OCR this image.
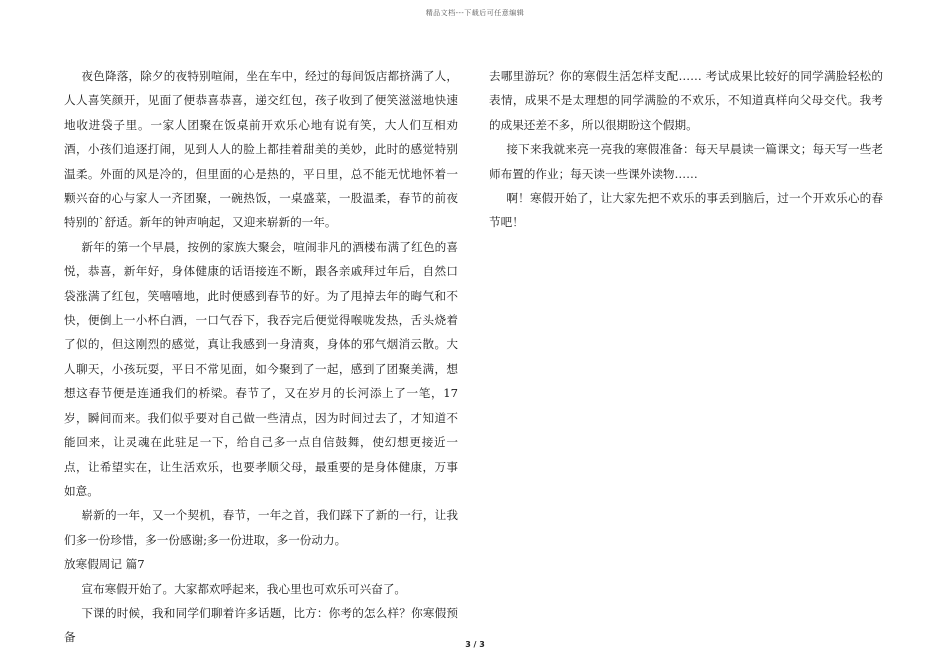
精品文档---下载后可任意编辑

夜色降落，除夕的夜特别喧闹，坐在车中，经过的每间饭店都挤满了人，人人喜笑颜开，见面了便恭喜恭喜，递交红包，孩子收到了便笑滋滋地快速地收进袋子里。一家人团聚在饭桌前开欢乐心地有说有笑，大人们互相劝酒，小孩们追逐打闹，见到人人的脸上都挂着甜美的美妙，此时的感觉特别温柔。外面的风是冷的，但里面的心是热的，平日里，总不能无忧地怀着一颗兴奋的心与家人一齐团聚，一碗热饭，一桌盛菜，一股温柔，春节的前夜特别的`舒适。新年的钟声响起，又迎来崭新的一年。

新年的第一个早晨，按例的家族大聚会，喧闹非凡的酒楼布满了红色的喜悦，恭喜，新年好，身体健康的话语接连不断，跟各亲戚拜过年后，自然口袋涨满了红包，笑嘻嘻地，此时便感到春节的好。为了甩掉去年的晦气和不快，便倒上一小杯白酒，一口气吞下，我吞完后便觉得喉咙发热，舌头烧着了似的，但这刚烈的感觉，真让我感到一身清爽，身体的邪气烟消云散。大人聊天，小孩玩耍，平日不常见面，如今聚到了一起，感到了团聚美满，想想这春节便是连通我们的桥梁。春节了，又在岁月的长河添上了一笔，17岁，瞬间而来。我们似乎要对自己做一些清点，因为时间过去了，才知道不能回来，让灵魂在此驻足一下，给自己多一点自信鼓舞，使幻想更接近一点，让希望实在，让生活欢乐，也要孝顺父母，最重要的是身体健康，万事如意。

崭新的一年，又一个契机，春节，一年之首，我们踩下了新的一行，让我们多一份珍惜，多一份感谢;多一份进取，多一份动力。

放寒假周记 篇7

宣布寒假开始了。大家都欢呼起来，我心里也可欢乐可兴奋了。

下课的时候，我和同学们聊着许多话题，比方：你考的怎么样？你寒假预备

去哪里游玩？你的寒假生活怎样支配…… 考试成果比较好的同学满脸轻松的表情，成果不是太理想的同学满脸的不欢乐，不知道真样向父母交代。我考的成果还差不多，所以很期盼这个假期。

接下来我就来亮一亮我的寒假准备：每天早晨读一篇课文；每天写一些老师布置的作业；每天读一些课外读物……

啊！寒假开始了，让大家先把不欢乐的事丢到脑后，过一个开欢乐心的春节吧！

3 / 3
